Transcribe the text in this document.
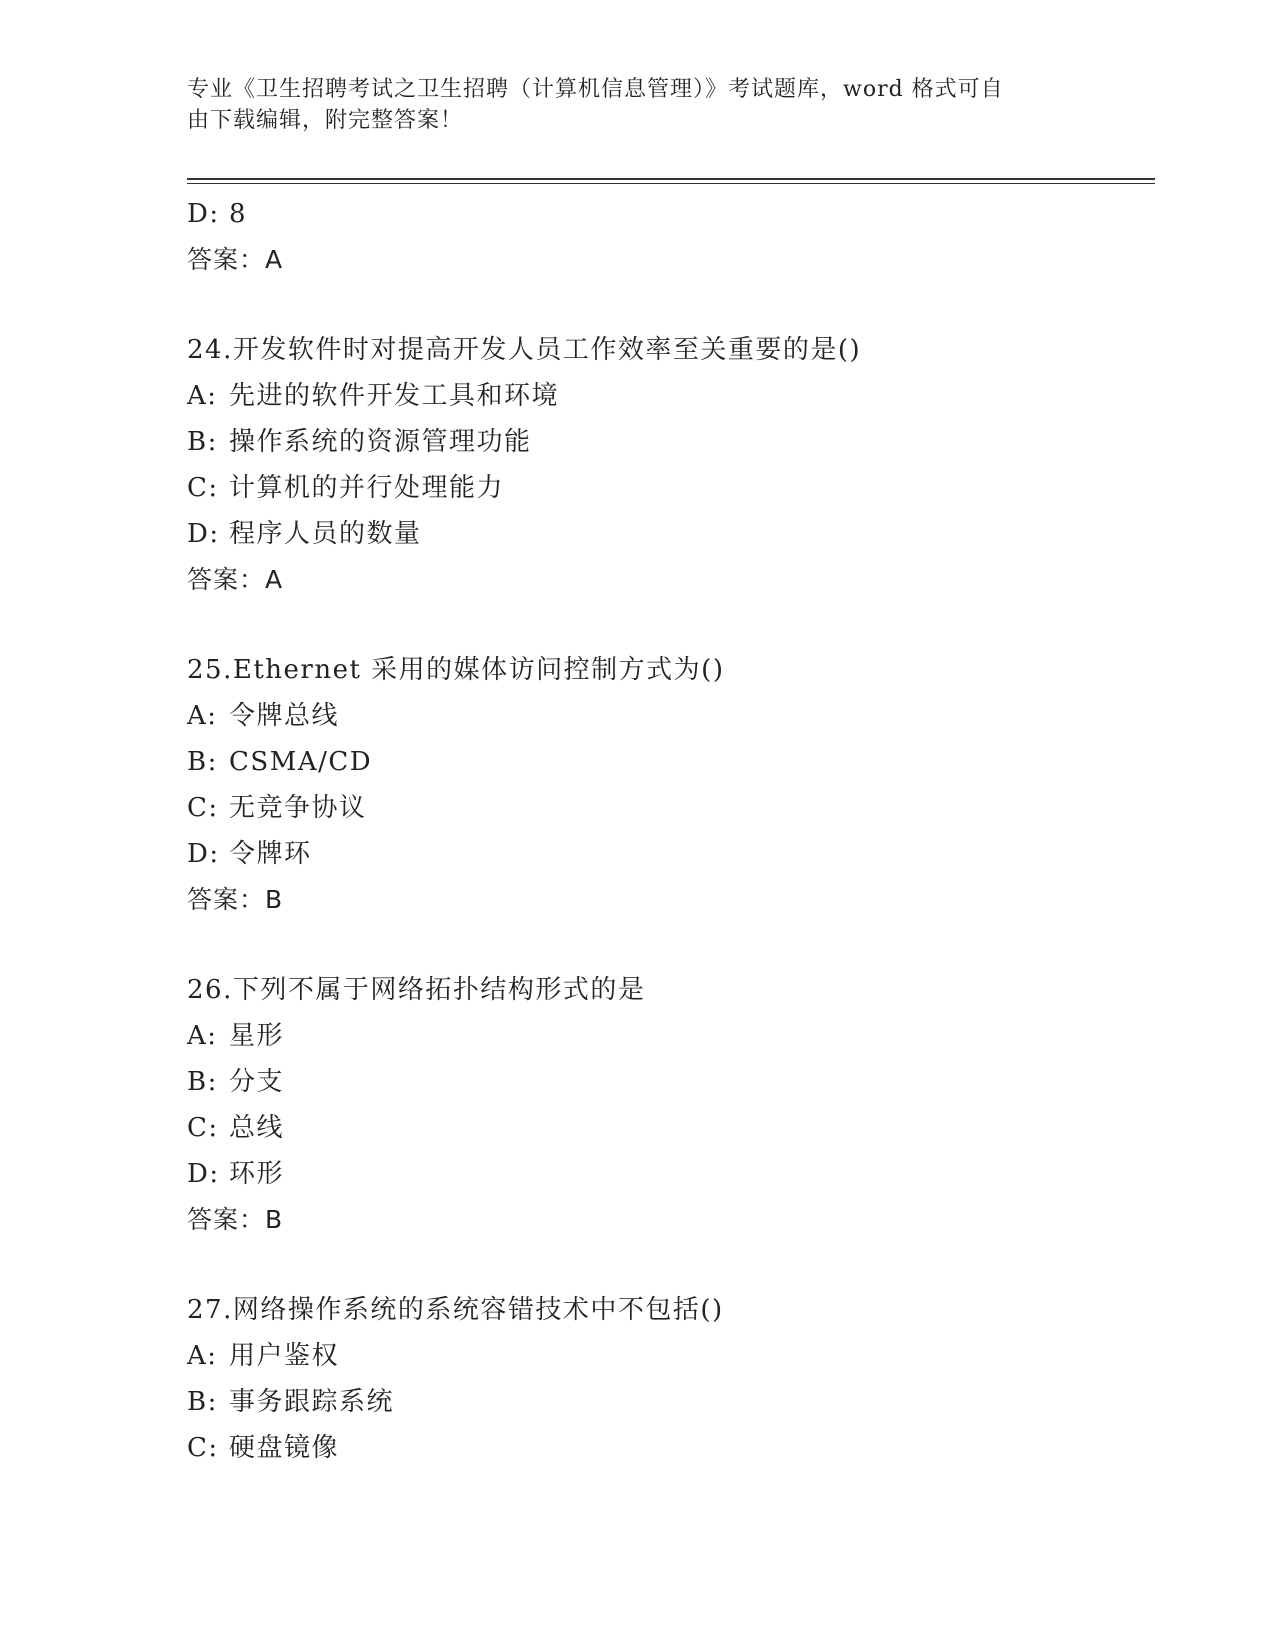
专业《卫生招聘考试之卫生招聘（计算机信息管理）》考试题库，word 格式可自
由下载编辑，附完整答案！
D: 8
答案：A
24.开发软件时对提高开发人员工作效率至关重要的是()
A: 先进的软件开发工具和环境
B: 操作系统的资源管理功能
C: 计算机的并行处理能力
D: 程序人员的数量
答案：A
25.Ethernet 采用的媒体访问控制方式为()
A: 令牌总线
B: CSMA/CD
C: 无竞争协议
D: 令牌环
答案：B
26.下列不属于网络拓扑结构形式的是
A: 星形
B: 分支
C: 总线
D: 环形
答案：B
27.网络操作系统的系统容错技术中不包括()
A: 用户鉴权
B: 事务跟踪系统
C: 硬盘镜像
